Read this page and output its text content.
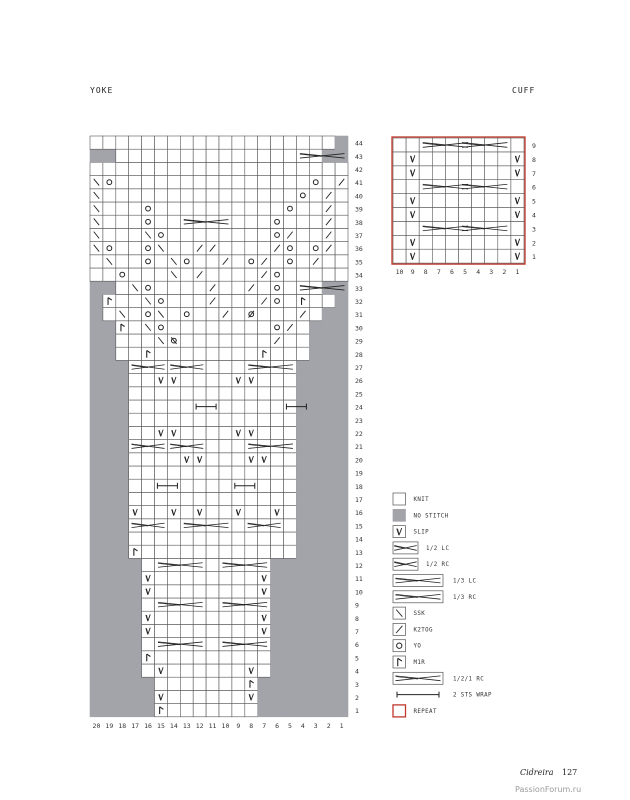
YOKE	CUFF
1
2
3
4
5
6
7
8
9
10
11
12
13
14
15
16
17
18
19
20
21
22
23
24
25
26
27
28
29
30
31
32
33
34
35
36
37
38
39
40
41
42
43
44
20 19 18 17 16 15 14 13 12 11 10 9 8 7 6 5 4 3 2 1
1
2
3
4
5
6
7
8
9
10 9 8 7 6 5 4 3 2 1
KNIT
NO STITCH
SLIP
1/2 LC
1/2 RC
1/3 LC
1/3 RC
SSK
K2TOG
YO
M1R
1/2/1 RC
2 STS WRAP
REPEAT
Cidreira 127
PassionForum.ru
